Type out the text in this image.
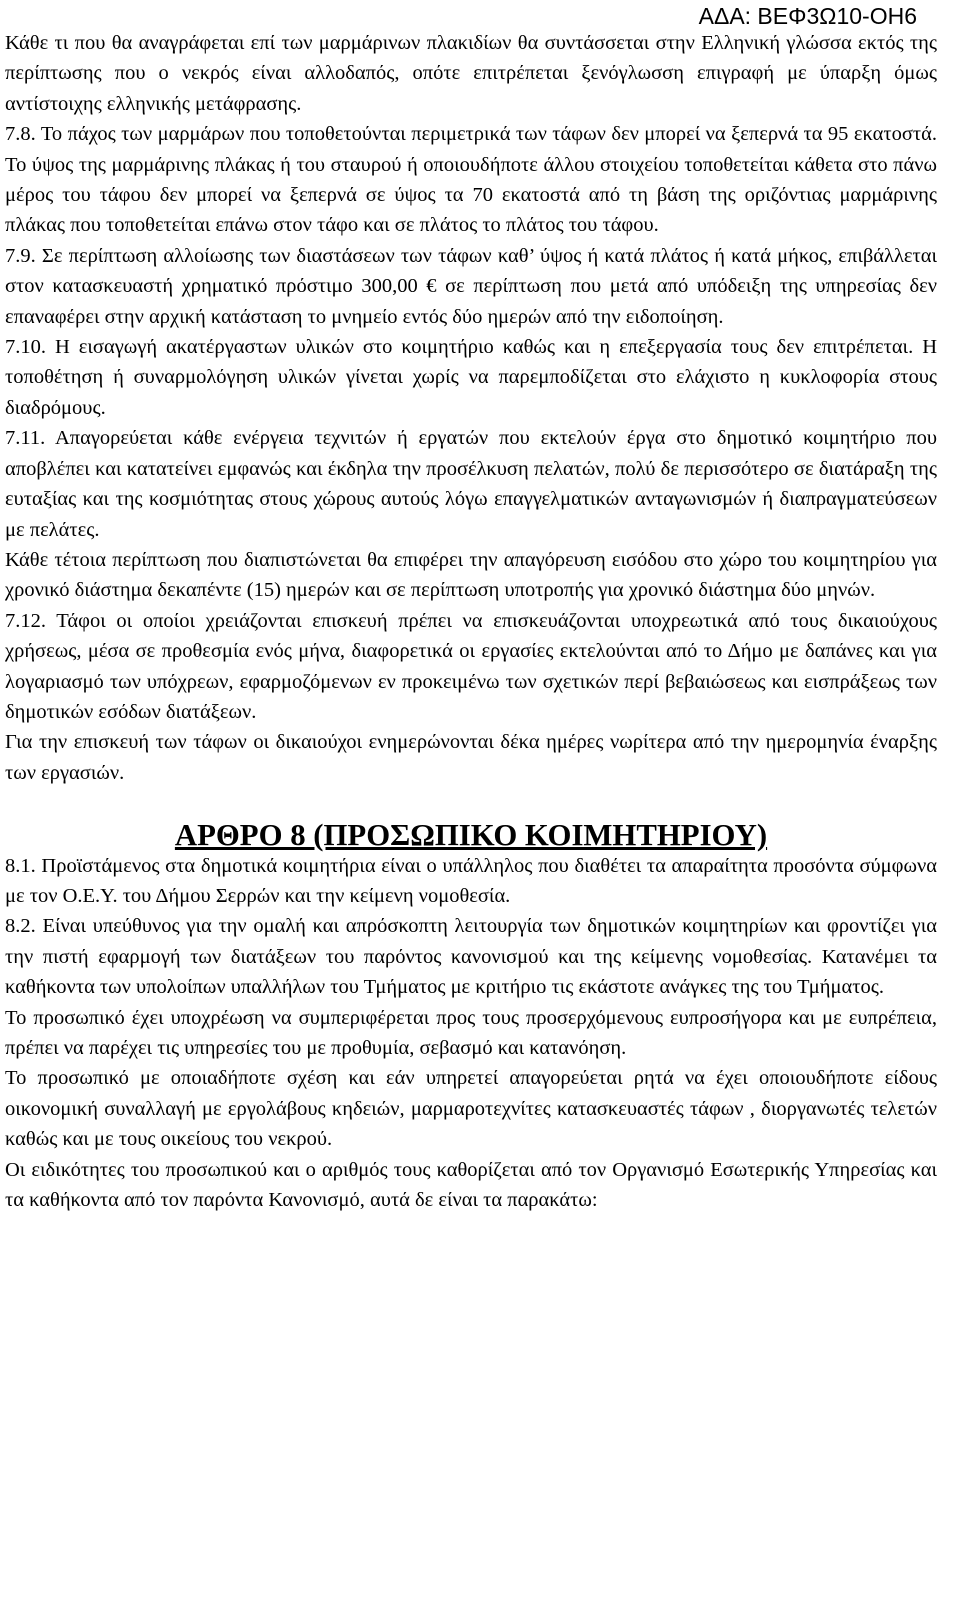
ΑΔΑ: ΒΕΦ3Ω10-ΟΗ6

Κάθε τι που θα αναγράφεται επί των μαρμάρινων πλακιδίων θα συντάσσεται στην Ελληνική γλώσσα εκτός της περίπτωσης που ο νεκρός είναι αλλοδαπός, οπότε επιτρέπεται ξενόγλωσση επιγραφή με ύπαρξη όμως αντίστοιχης ελληνικής μετάφρασης.

7.8. Το πάχος των μαρμάρων που τοποθετούνται περιμετρικά των τάφων δεν μπορεί να ξεπερνά τα 95 εκατοστά. Το ύψος της μαρμάρινης πλάκας ή του σταυρού ή οποιουδήποτε άλλου στοιχείου τοποθετείται κάθετα στο πάνω μέρος του τάφου δεν μπορεί να ξεπερνά σε ύψος τα 70 εκατοστά από τη βάση της οριζόντιας μαρμάρινης πλάκας που τοποθετείται επάνω στον τάφο και σε πλάτος το πλάτος του τάφου.

7.9. Σε περίπτωση αλλοίωσης των διαστάσεων των τάφων καθ’ ύψος ή κατά πλάτος ή κατά μήκος, επιβάλλεται στον κατασκευαστή χρηματικό πρόστιμο 300,00 € σε περίπτωση που μετά από υπόδειξη της υπηρεσίας δεν επαναφέρει στην αρχική κατάσταση το μνημείο εντός δύο ημερών από την ειδοποίηση.

7.10. Η εισαγωγή ακατέργαστων υλικών στο κοιμητήριο καθώς και η επεξεργασία τους δεν επιτρέπεται. Η τοποθέτηση ή συναρμολόγηση υλικών γίνεται χωρίς να παρεμποδίζεται στο ελάχιστο η κυκλοφορία στους διαδρόμους.

7.11. Απαγορεύεται κάθε ενέργεια τεχνιτών ή εργατών που εκτελούν έργα στο δημοτικό κοιμητήριο που αποβλέπει και κατατείνει εμφανώς και έκδηλα την προσέλκυση πελατών, πολύ δε περισσότερο σε διατάραξη της ευταξίας και της κοσμιότητας στους χώρους αυτούς λόγω επαγγελματικών ανταγωνισμών ή διαπραγματεύσεων με πελάτες.

Κάθε τέτοια περίπτωση που διαπιστώνεται θα επιφέρει την απαγόρευση εισόδου στο χώρο του κοιμητηρίου για χρονικό διάστημα δεκαπέντε (15) ημερών και σε περίπτωση υποτροπής για χρονικό διάστημα δύο μηνών.

7.12. Τάφοι οι οποίοι χρειάζονται επισκευή πρέπει να επισκευάζονται υποχρεωτικά από τους δικαιούχους χρήσεως, μέσα σε προθεσμία ενός μήνα, διαφορετικά οι εργασίες εκτελούνται από το Δήμο με δαπάνες και για λογαριασμό των υπόχρεων, εφαρμοζόμενων εν προκειμένω των σχετικών περί βεβαιώσεως και εισπράξεως των δημοτικών εσόδων διατάξεων.

Για την επισκευή των τάφων οι δικαιούχοι ενημερώνονται δέκα ημέρες νωρίτερα από την ημερομηνία έναρξης των εργασιών.

ΑΡΘΡΟ 8 (ΠΡΟΣΩΠΙΚΟ ΚΟΙΜΗΤΗΡΙΟΥ)

8.1. Προϊστάμενος στα δημοτικά κοιμητήρια είναι ο υπάλληλος που διαθέτει τα απαραίτητα προσόντα σύμφωνα με τον Ο.Ε.Υ. του Δήμου Σερρών και την κείμενη νομοθεσία.

8.2. Είναι υπεύθυνος για την ομαλή και απρόσκοπτη λειτουργία των δημοτικών κοιμητηρίων και φροντίζει για την πιστή εφαρμογή των διατάξεων του παρόντος κανονισμού και της κείμενης νομοθεσίας. Κατανέμει τα καθήκοντα των υπολοίπων υπαλλήλων του Τμήματος με κριτήριο τις εκάστοτε ανάγκες της του Τμήματος.

Το προσωπικό έχει υποχρέωση να συμπεριφέρεται προς τους προσερχόμενους ευπροσήγορα και με ευπρέπεια, πρέπει να παρέχει τις υπηρεσίες του με προθυμία, σεβασμό και κατανόηση.

Το προσωπικό με οποιαδήποτε σχέση και εάν υπηρετεί απαγορεύεται ρητά να έχει οποιουδήποτε είδους οικονομική συναλλαγή με εργολάβους κηδειών, μαρμαροτεχνίτες κατασκευαστές τάφων , διοργανωτές τελετών καθώς και με τους οικείους του νεκρού.

Οι ειδικότητες του προσωπικού και ο αριθμός τους καθορίζεται από τον Οργανισμό Εσωτερικής Υπηρεσίας και τα καθήκοντα από τον παρόντα Κανονισμό, αυτά δε είναι τα παρακάτω:
